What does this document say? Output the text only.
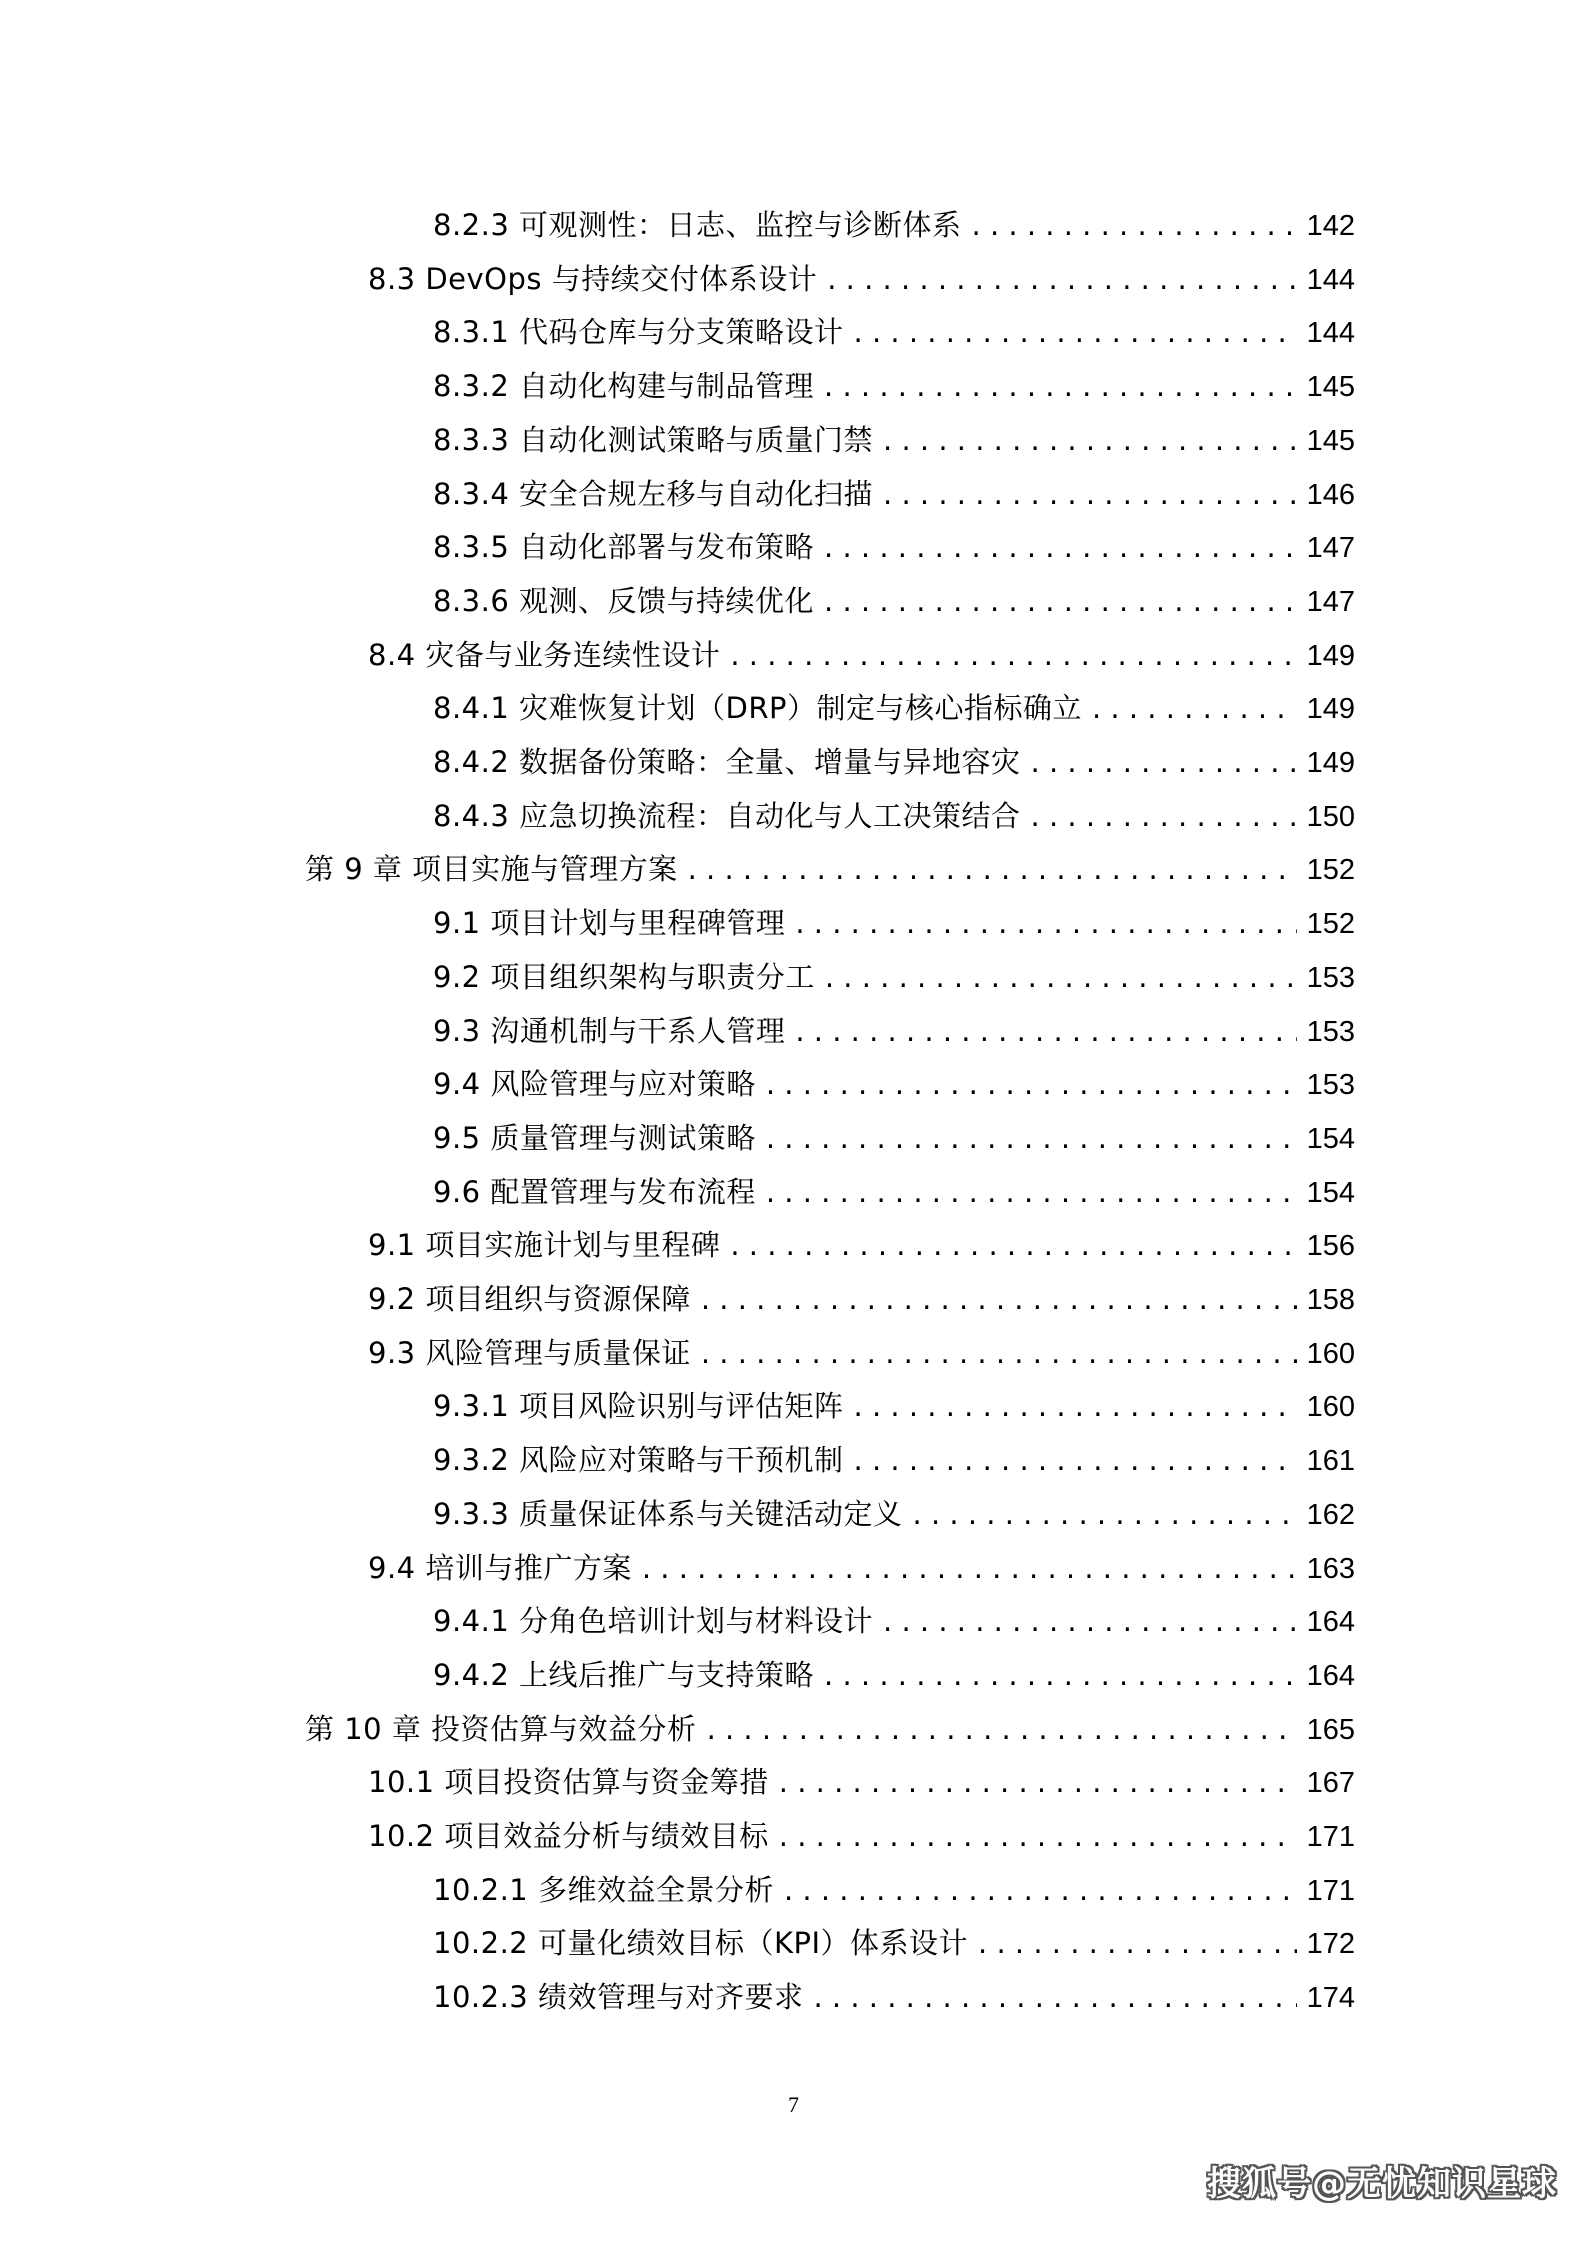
8.2.3 可观测性：日志、监控与诊断体系 . . .	142
8.3 DevOps 与持续交付体系设计 . . .	144
8.3.1 代码仓库与分支策略设计 . . .	144
8.3.2 自动化构建与制品管理 . . .	145
8.3.3 自动化测试策略与质量门禁 . . .	145
8.3.4 安全合规左移与自动化扫描 . . .	146
8.3.5 自动化部署与发布策略 . . .	147
8.3.6 观测、反馈与持续优化 . . .	147
8.4 灾备与业务连续性设计 . . .	149
8.4.1 灾难恢复计划（DRP）制定与核心指标确立 . . .	149
8.4.2 数据备份策略：全量、增量与异地容灾 . . .	149
8.4.3 应急切换流程：自动化与人工决策结合 . . .	150
第 9 章 项目实施与管理方案 . . .	152
9.1 项目计划与里程碑管理 . . .	152
9.2 项目组织架构与职责分工 . . .	153
9.3 沟通机制与干系人管理 . . .	153
9.4 风险管理与应对策略 . . .	153
9.5 质量管理与测试策略 . . .	154
9.6 配置管理与发布流程 . . .	154
9.1 项目实施计划与里程碑 . . .	156
9.2 项目组织与资源保障 . . .	158
9.3 风险管理与质量保证 . . .	160
9.3.1 项目风险识别与评估矩阵 . . .	160
9.3.2 风险应对策略与干预机制 . . .	161
9.3.3 质量保证体系与关键活动定义 . . .	162
9.4 培训与推广方案 . . .	163
9.4.1 分角色培训计划与材料设计 . . .	164
9.4.2 上线后推广与支持策略 . . .	164
第 10 章 投资估算与效益分析 . . .	165
10.1 项目投资估算与资金筹措 . . .	167
10.2 项目效益分析与绩效目标 . . .	171
10.2.1 多维效益全景分析 . . .	171
10.2.2 可量化绩效目标（KPI）体系设计 . . .	172
10.2.3 绩效管理与对齐要求 . . .	174
7
搜狐号@无忧知识星球
